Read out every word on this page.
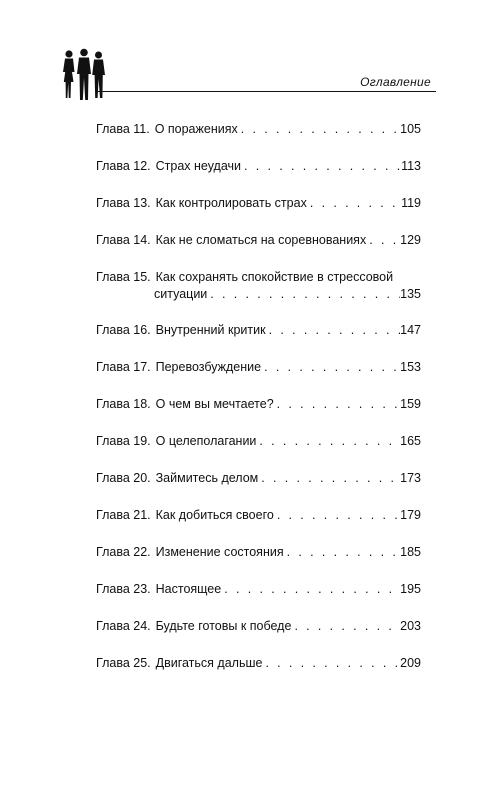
Оглавление
Глава 11. О поражениях . . .	105
Глава 12. Страх неудачи . . .	113
Глава 13. Как контролировать страх . . .	119
Глава 14. Как не сломаться на соревнованиях . . .	129
Глава 15. Как сохранять спокойствие в стрессовой
ситуации . . .	135
Глава 16. Внутренний критик . . .	147
Глава 17. Перевозбуждение . . .	153
Глава 18. О чем вы мечтаете? . . .	159
Глава 19. О целеполагании . . .	165
Глава 20. Займитесь делом . . .	173
Глава 21. Как добиться своего . . .	179
Глава 22. Изменение состояния . . .	185
Глава 23. Настоящее . . .	195
Глава 24. Будьте готовы к победе . . .	203
Глава 25. Двигаться дальше . . .	209
